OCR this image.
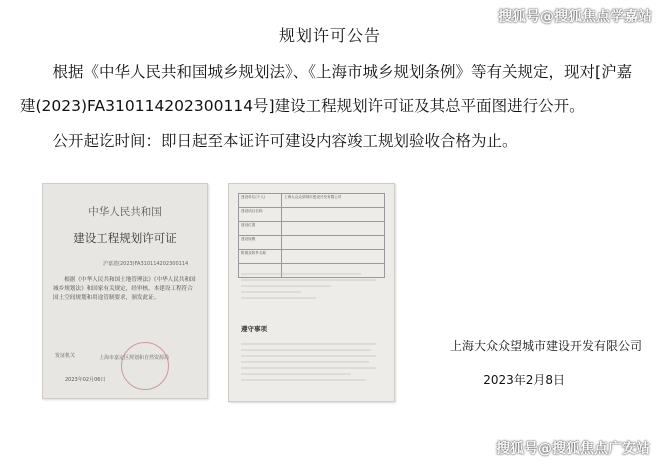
搜狐号@搜狐焦点学嘉站
规划许可公告
根据《中华人民共和国城乡规划法》、《上海市城乡规划条例》等有关规定，现对[沪嘉建(2023)FA310114202300114号]建设工程规划许可证及其总平面图进行公开。
公开起讫时间：即日起至本证许可建设内容竣工规划验收合格为止。
中华人民共和国
建设工程规划许可证
沪嘉建(2023)FA310114202300114
根据《中华人民共和国土地管理法》《中华人民共和国城乡规划法》和国家有关规定，经审核，本建设工程符合国土空间规划和用途管制要求，颁发此证。
发证机关	上海市嘉定区规划和自然资源局
2023年02月06日
建设单位(个人)	上海大众众望城市建设开发有限公司
建设项目名称	
建设位置	
建设规模	
附图及附件名称	

遵守事项
上海大众众望城市建设开发有限公司
2023年2月8日
搜狐号@搜狐焦点广安站
